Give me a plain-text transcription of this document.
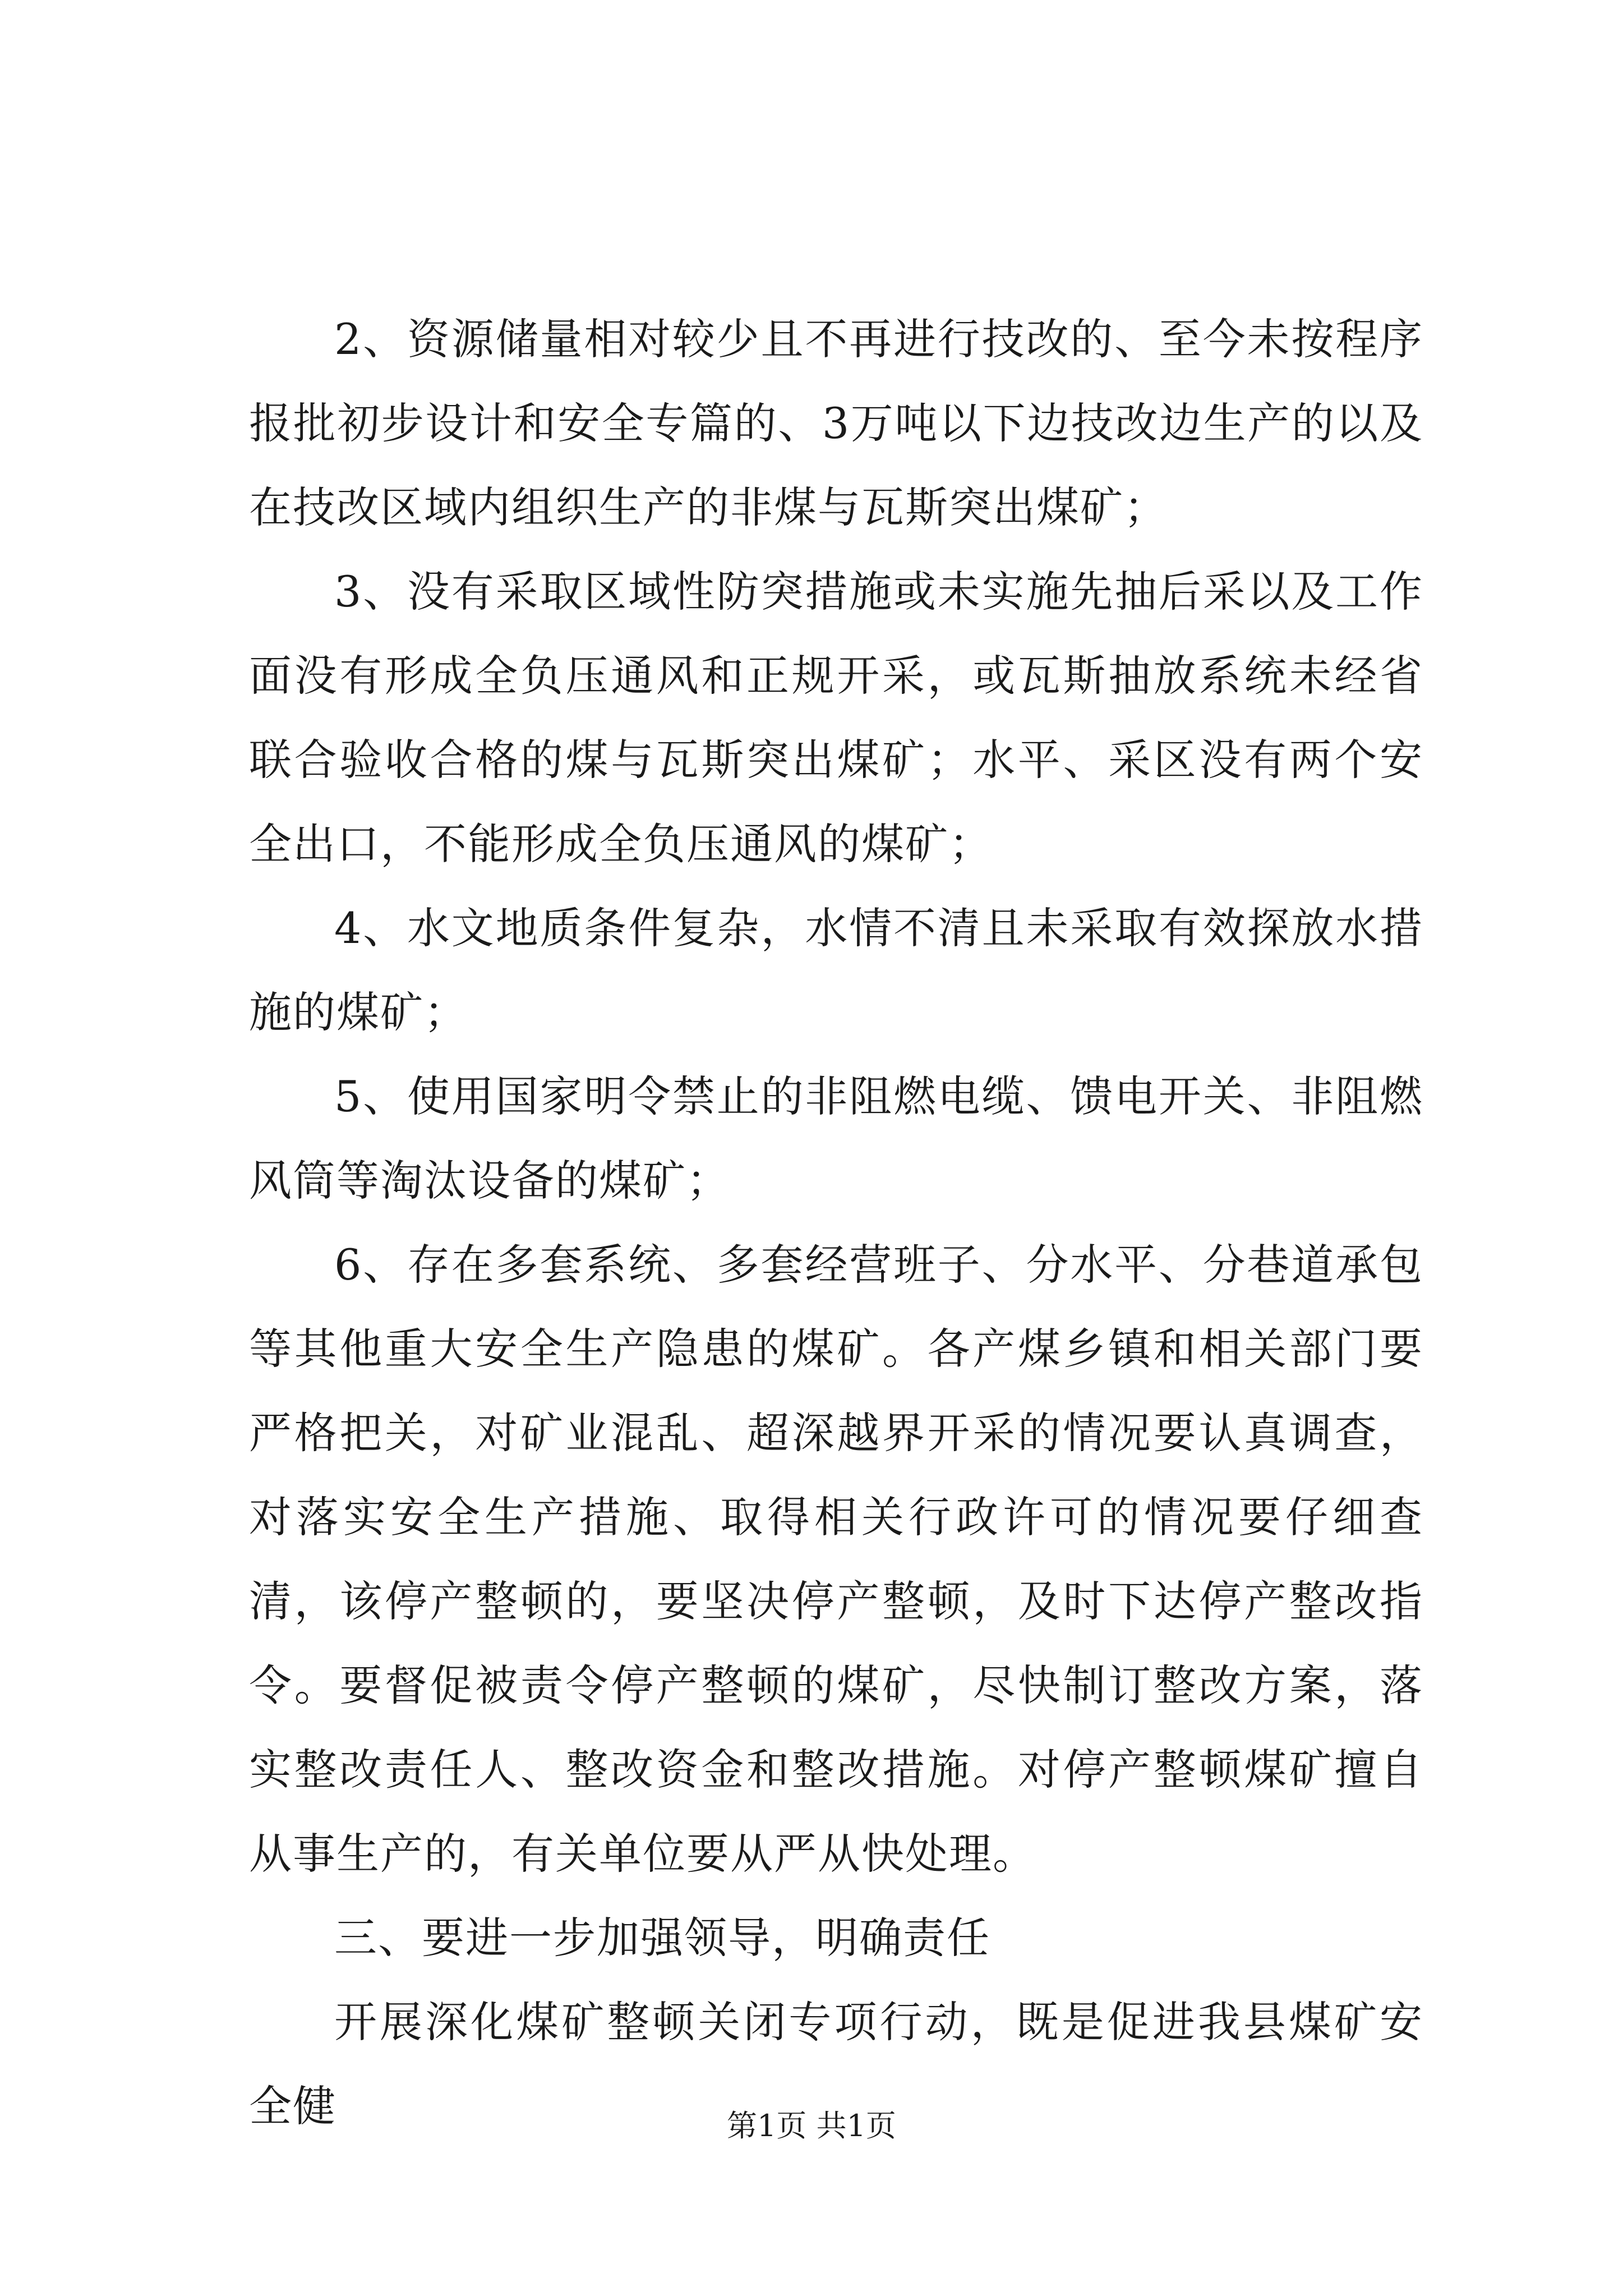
2、资源储量相对较少且不再进行技改的、至今未按程序报批初步设计和安全专篇的、3万吨以下边技改边生产的以及在技改区域内组织生产的非煤与瓦斯突出煤矿；

3、没有采取区域性防突措施或未实施先抽后采以及工作面没有形成全负压通风和正规开采，或瓦斯抽放系统未经省联合验收合格的煤与瓦斯突出煤矿；水平、采区没有两个安全出口，不能形成全负压通风的煤矿；

4、水文地质条件复杂，水情不清且未采取有效探放水措施的煤矿；

5、使用国家明令禁止的非阻燃电缆、馈电开关、非阻燃风筒等淘汰设备的煤矿；

6、存在多套系统、多套经营班子、分水平、分巷道承包等其他重大安全生产隐患的煤矿。各产煤乡镇和相关部门要严格把关，对矿业混乱、超深越界开采的情况要认真调查，对落实安全生产措施、取得相关行政许可的情况要仔细查清，该停产整顿的，要坚决停产整顿，及时下达停产整改指令。要督促被责令停产整顿的煤矿，尽快制订整改方案，落实整改责任人、整改资金和整改措施。对停产整顿煤矿擅自从事生产的，有关单位要从严从快处理。

三、要进一步加强领导，明确责任

开展深化煤矿整顿关闭专项行动，既是促进我县煤矿安全健	第1页 共1页
